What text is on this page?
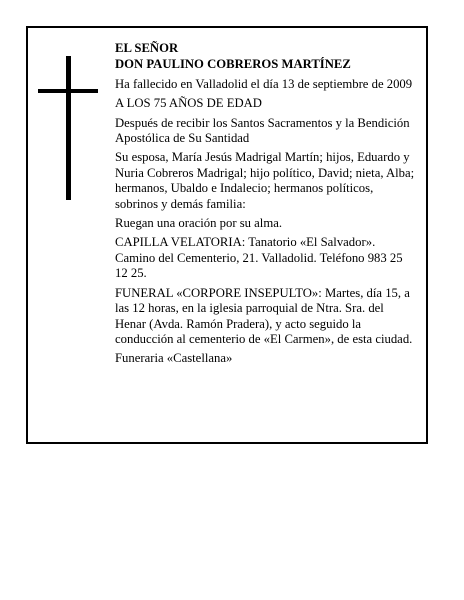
EL SEÑOR

DON PAULINO COBREROS MARTÍNEZ

Ha fallecido en Valladolid el día 13 de septiembre de 2009

A LOS 75 AÑOS DE EDAD

Después de recibir los Santos Sacramentos y la Bendición Apostólica de Su Santidad

Su esposa, María Jesús Madrigal Martín; hijos, Eduardo y Nuria Cobreros Madrigal; hijo político, David; nieta, Alba; hermanos, Ubaldo e Indalecio; hermanos políticos, sobrinos y demás familia:

Ruegan una oración por su alma.

CAPILLA VELATORIA: Tanatorio «El Salvador». Camino del Cementerio, 21. Valladolid. Teléfono 983 25 12 25.

FUNERAL «CORPORE INSEPULTO»: Martes, día 15, a las 12 horas, en la iglesia parroquial de Ntra. Sra. del Henar (Avda. Ramón Pradera), y acto seguido la conducción al cementerio de «El Carmen», de esta ciudad.

Funeraria «Castellana»
